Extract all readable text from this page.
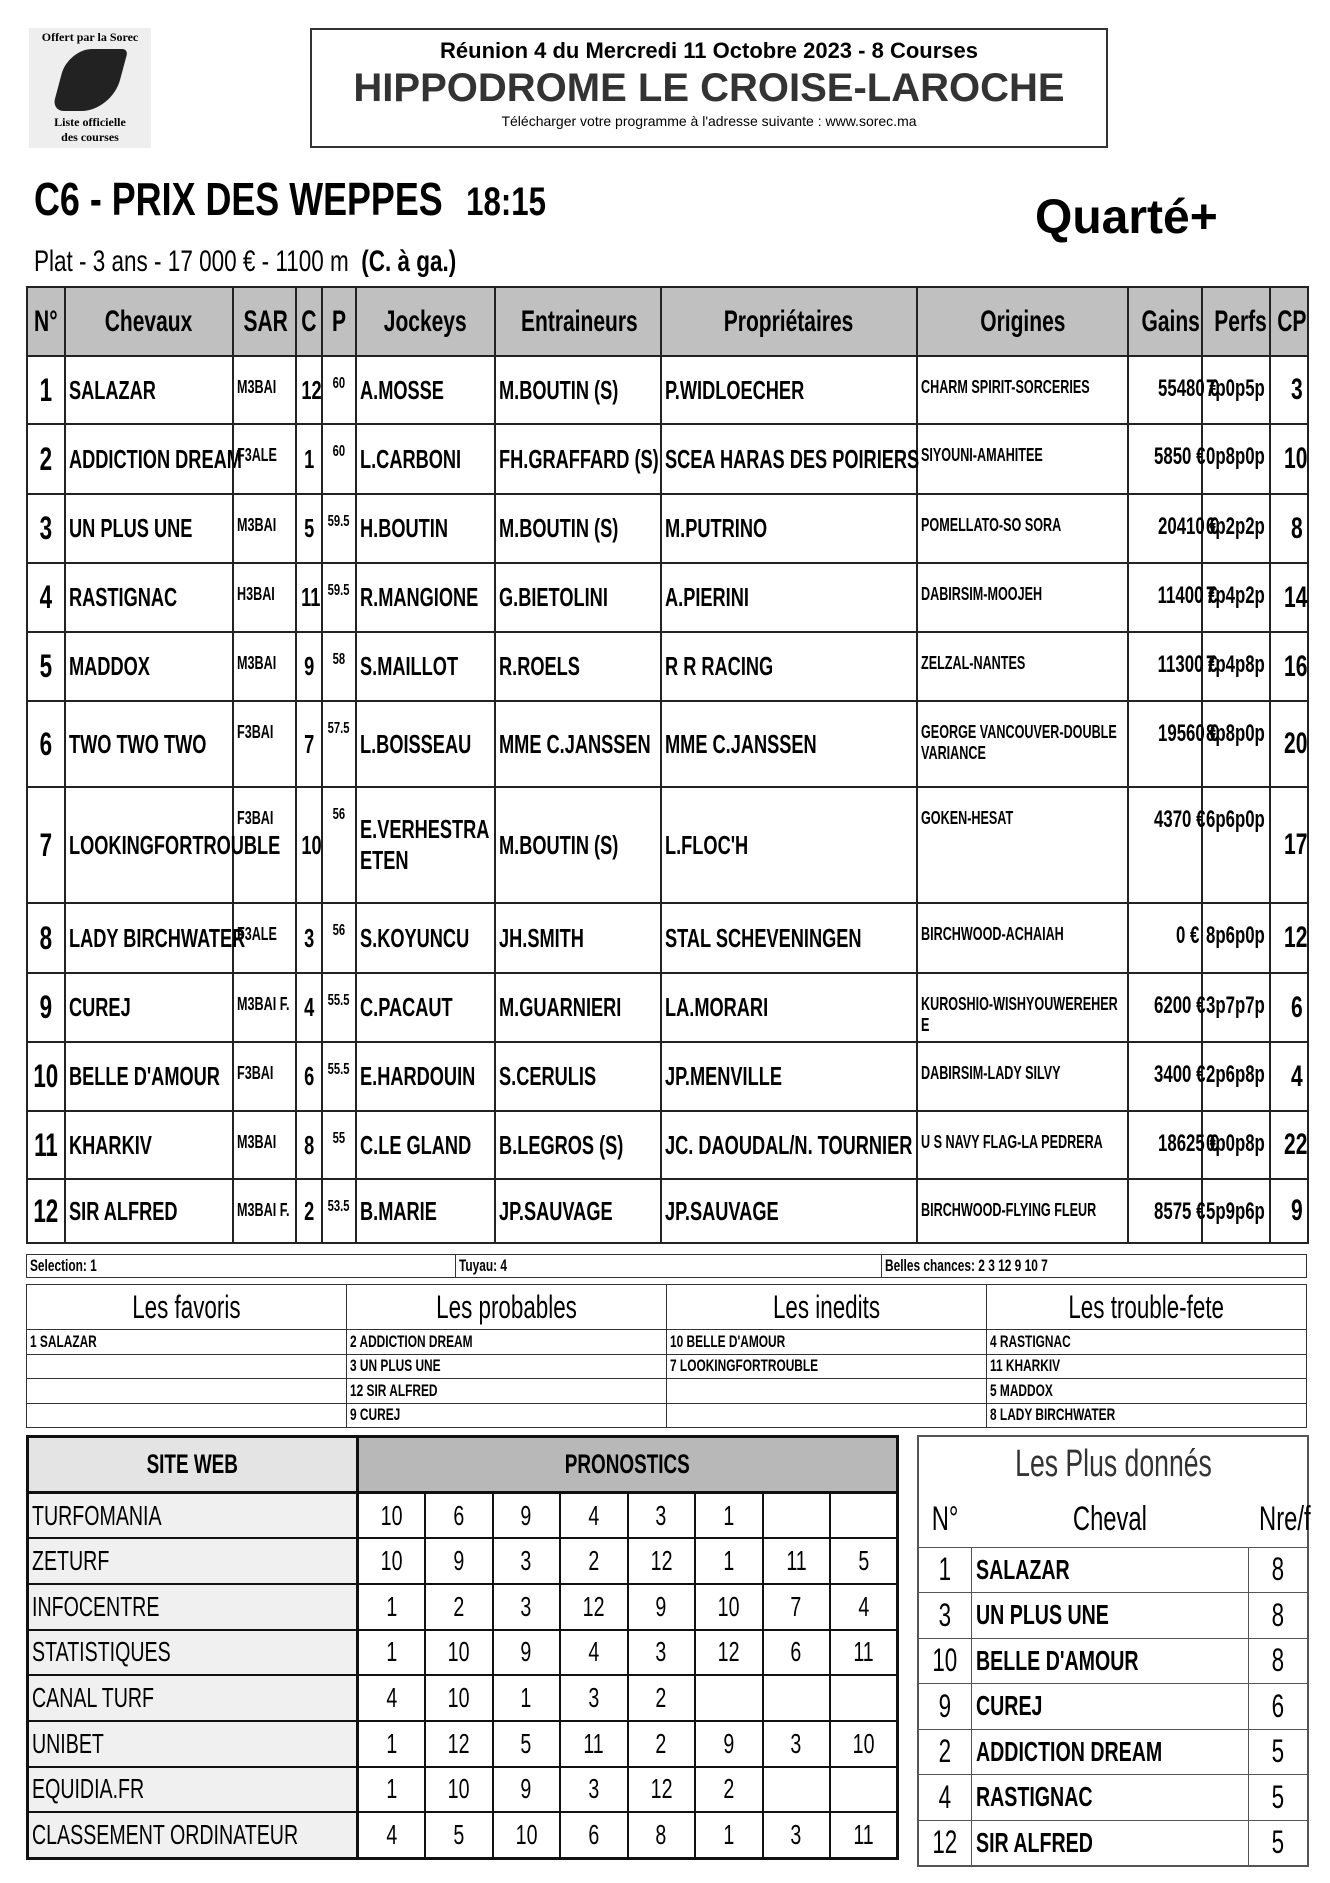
Offert par la Sorec
Liste officielle
des courses
Réunion 4 du Mercredi 11 Octobre 2023 - 8 Courses
HIPPODROME LE CROISE-LAROCHE
Télécharger votre programme à l'adresse suivante : www.sorec.ma
C6 - PRIX DES WEPPES 18:15	Quarté+
Plat - 3 ans - 17 000 € - 1100 m (C. à ga.)
N°	Chevaux	SAR	C	P	Jockeys	Entraineurs	Propriétaires	Origines	Gains	Perfs	CP
1	SALAZAR	M3BAI	12	60	A.MOSSE	M.BOUTIN (S)	P.WIDLOECHER	CHARM SPIRIT-SORCERIES	55480 €	7p0p5p	3
2	ADDICTION DREAM	F3ALE	1	60	L.CARBONI	FH.GRAFFARD (S)	SCEA HARAS DES POIRIERS	SIYOUNI-AMAHITEE	5850 €	0p8p0p	10
3	UN PLUS UNE	M3BAI	5	59.5	H.BOUTIN	M.BOUTIN (S)	M.PUTRINO	POMELLATO-SO SORA	20410 €	6p2p2p	8
4	RASTIGNAC	H3BAI	11	59.5	R.MANGIONE	G.BIETOLINI	A.PIERINI	DABIRSIM-MOOJEH	11400 €	7p4p2p	14
5	MADDOX	M3BAI	9	58	S.MAILLOT	R.ROELS	R R RACING	ZELZAL-NANTES	11300 €	7p4p8p	16
6	TWO TWO TWO	F3BAI	7	57.5	L.BOISSEAU	MME C.JANSSEN	MME C.JANSSEN	GEORGE VANCOUVER-DOUBLE VARIANCE	19560 €	8p8p0p	20
7	LOOKINGFORTROUBLE	F3BAI	10	56	E.VERHESTRAETEN	M.BOUTIN (S)	L.FLOC'H	GOKEN-HESAT	4370 €	6p6p0p	17
8	LADY BIRCHWATER	F3ALE	3	56	S.KOYUNCU	JH.SMITH	STAL SCHEVENINGEN	BIRCHWOOD-ACHAIAH	0 €	8p6p0p	12
9	CUREJ	M3BAI F.	4	55.5	C.PACAUT	M.GUARNIERI	LA.MORARI	KUROSHIO-WISHYOUWEREHERE	6200 €	3p7p7p	6
10	BELLE D'AMOUR	F3BAI	6	55.5	E.HARDOUIN	S.CERULIS	JP.MENVILLE	DABIRSIM-LADY SILVY	3400 €	2p6p8p	4
11	KHARKIV	M3BAI	8	55	C.LE GLAND	B.LEGROS (S)	JC. DAOUDAL/N. TOURNIER	U S NAVY FLAG-LA PEDRERA	18625 €	0p0p8p	22
12	SIR ALFRED	M3BAI F.	2	53.5	B.MARIE	JP.SAUVAGE	JP.SAUVAGE	BIRCHWOOD-FLYING FLEUR	8575 €	5p9p6p	9
Selection: 1	Tuyau: 4	Belles chances: 2 3 12 9 10 7
Les favoris	Les probables	Les inedits	Les trouble-fete
1 SALAZAR	2 ADDICTION DREAM	10 BELLE D'AMOUR	4 RASTIGNAC
	3 UN PLUS UNE	7 LOOKINGFORTROUBLE	11 KHARKIV
	12 SIR ALFRED		5 MADDOX
	9 CUREJ		8 LADY BIRCHWATER
SITE WEB	PRONOSTICS							
TURFOMANIA	10	6	9	4	3	1		
ZETURF	10	9	3	2	12	1	11	5
INFOCENTRE	1	2	3	12	9	10	7	4
STATISTIQUES	1	10	9	4	3	12	6	11
CANAL TURF	4	10	1	3	2			
UNIBET	1	12	5	11	2	9	3	10
EQUIDIA.FR	1	10	9	3	12	2		
CLASSEMENT ORDINATEUR	4	5	10	6	8	1	3	11
Les Plus donnés		
N°	Cheval	Nre/f
1	SALAZAR	8
3	UN PLUS UNE	8
10	BELLE D'AMOUR	8
9	CUREJ	6
2	ADDICTION DREAM	5
4	RASTIGNAC	5
12	SIR ALFRED	5
